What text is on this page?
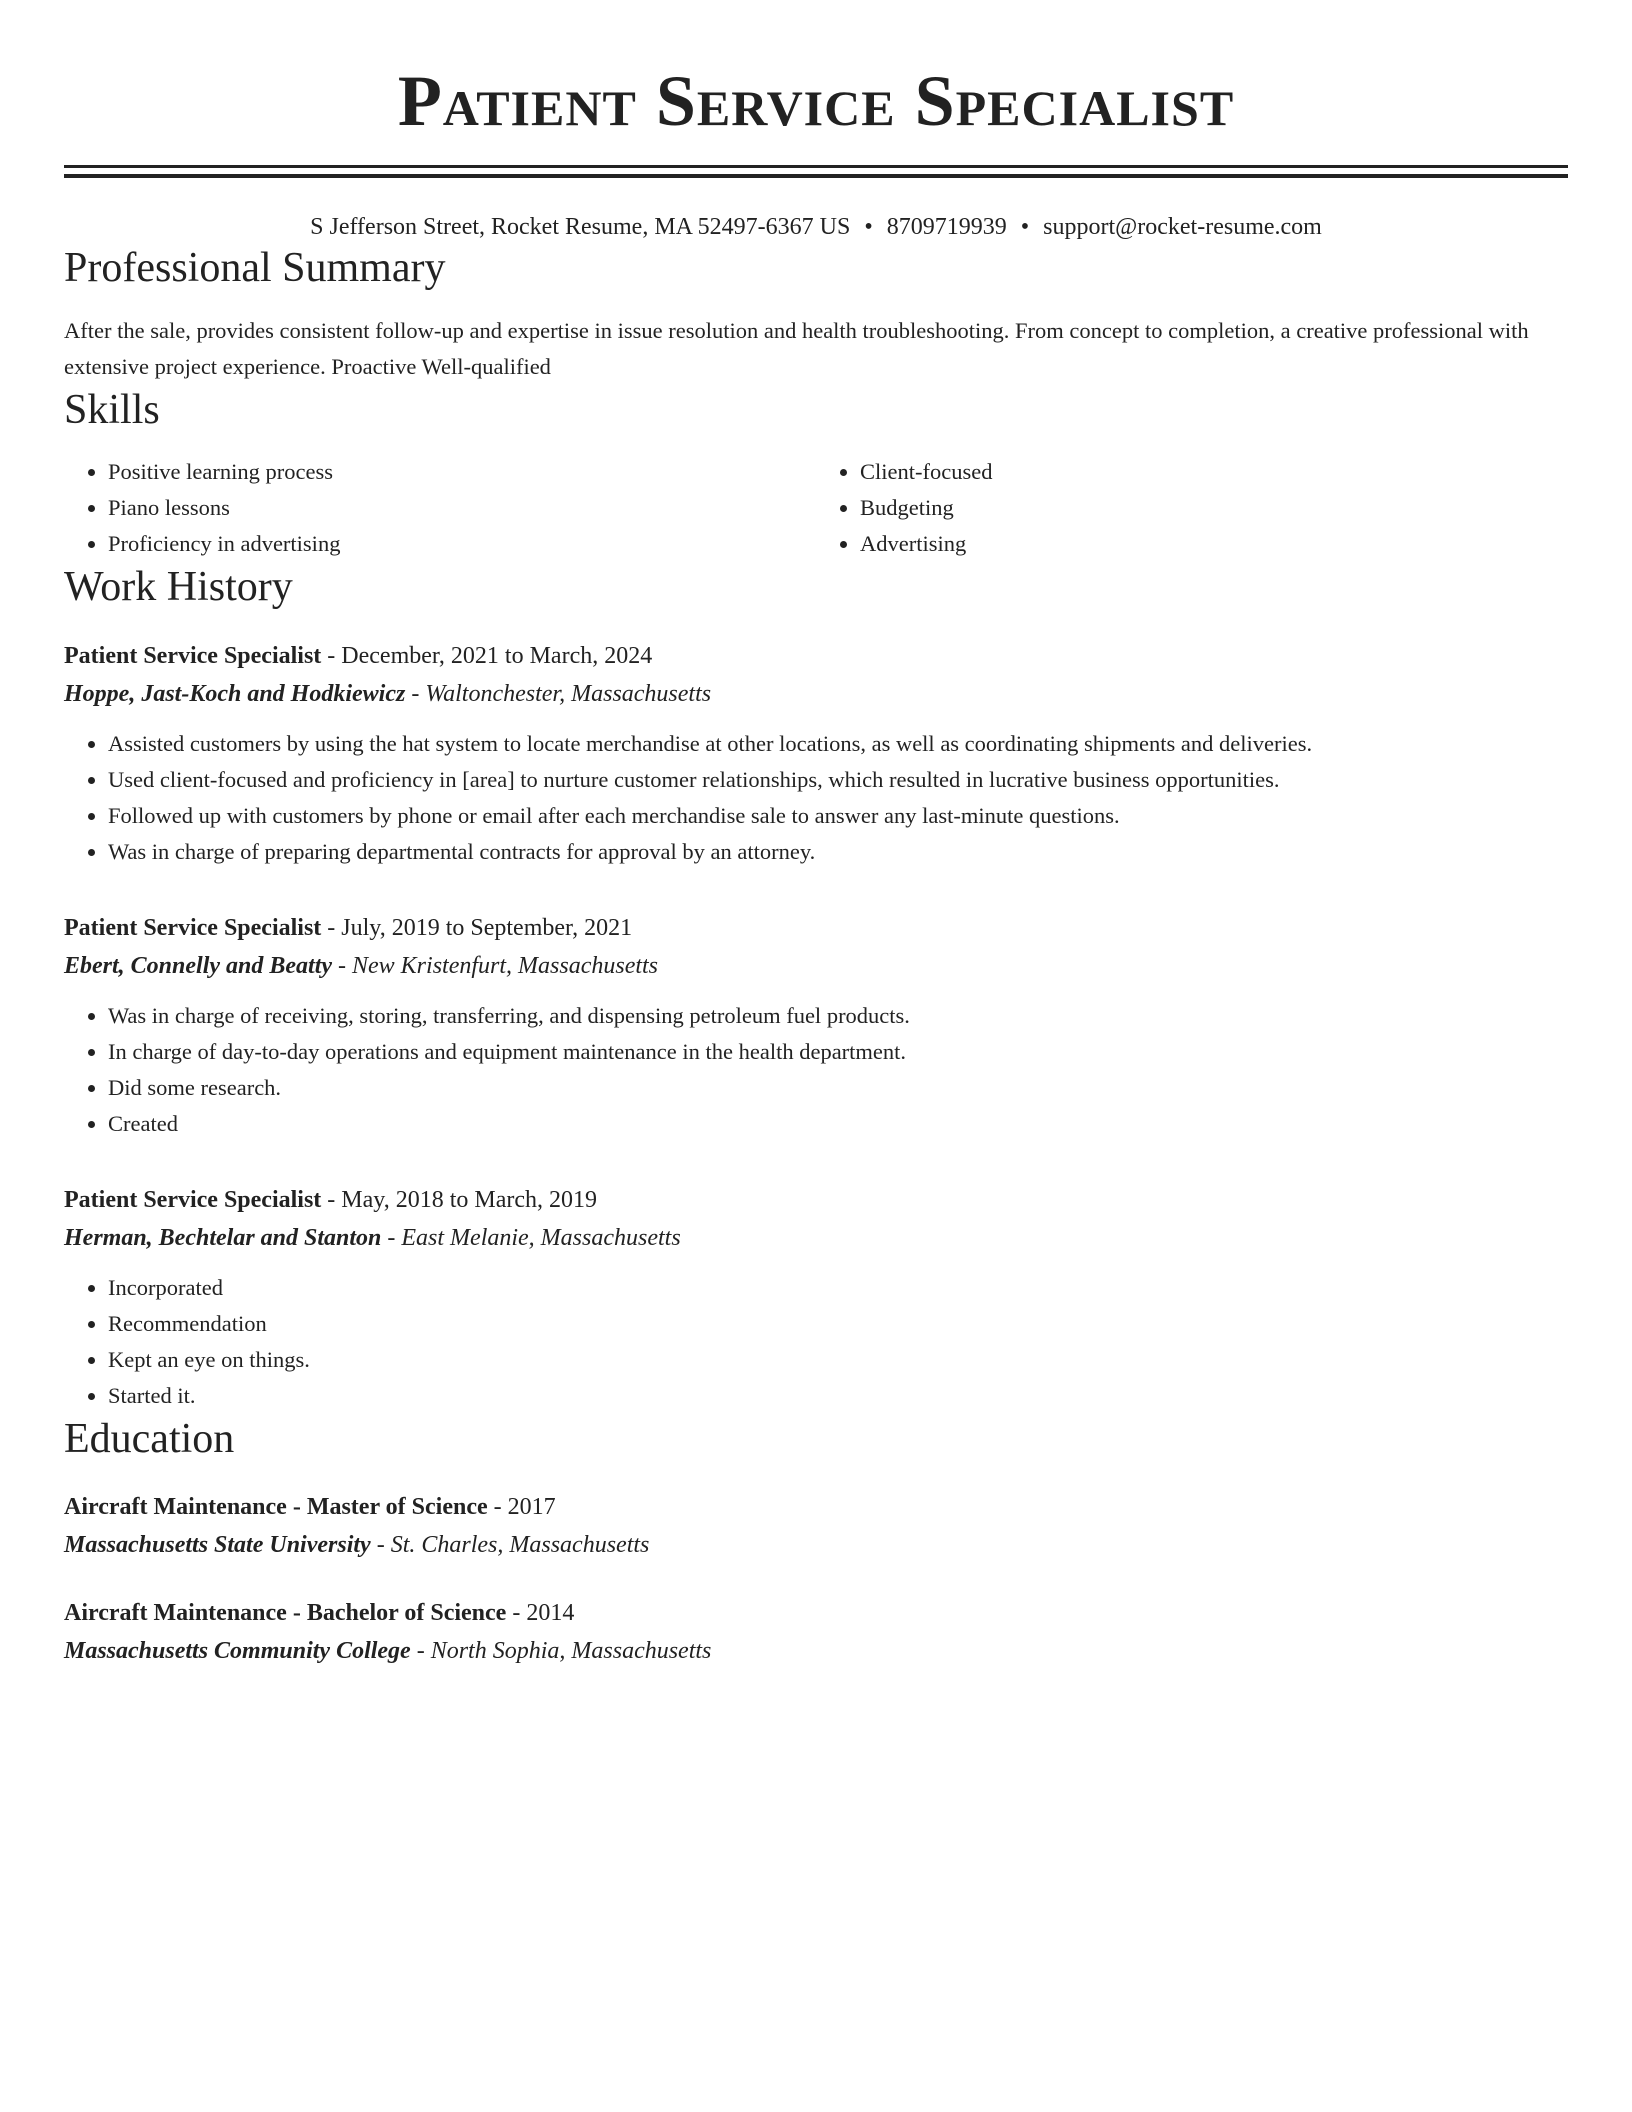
Patient Service Specialist
S Jefferson Street, Rocket Resume, MA 52497-6367 US • 8709719939 • support@rocket-resume.com
Professional Summary

After the sale, provides consistent follow-up and expertise in issue resolution and health troubleshooting. From concept to completion, a creative professional with extensive project experience. Proactive Well-qualified

Skills
• Positive learning process
• Piano lessons
• Proficiency in advertising
• Client-focused
• Budgeting
• Advertising
Work History
Patient Service Specialist - December, 2021 to March, 2024
Hoppe, Jast-Koch and Hodkiewicz - Waltonchester, Massachusetts
• Assisted customers by using the hat system to locate merchandise at other locations, as well as coordinating shipments and deliveries.
• Used client-focused and proficiency in [area] to nurture customer relationships, which resulted in lucrative business opportunities.
• Followed up with customers by phone or email after each merchandise sale to answer any last-minute questions.
• Was in charge of preparing departmental contracts for approval by an attorney.
Patient Service Specialist - July, 2019 to September, 2021
Ebert, Connelly and Beatty - New Kristenfurt, Massachusetts
• Was in charge of receiving, storing, transferring, and dispensing petroleum fuel products.
• In charge of day-to-day operations and equipment maintenance in the health department.
• Did some research.
• Created
Patient Service Specialist - May, 2018 to March, 2019
Herman, Bechtelar and Stanton - East Melanie, Massachusetts
• Incorporated
• Recommendation
• Kept an eye on things.
• Started it.
Education
Aircraft Maintenance - Master of Science - 2017
Massachusetts State University - St. Charles, Massachusetts
Aircraft Maintenance - Bachelor of Science - 2014
Massachusetts Community College - North Sophia, Massachusetts
